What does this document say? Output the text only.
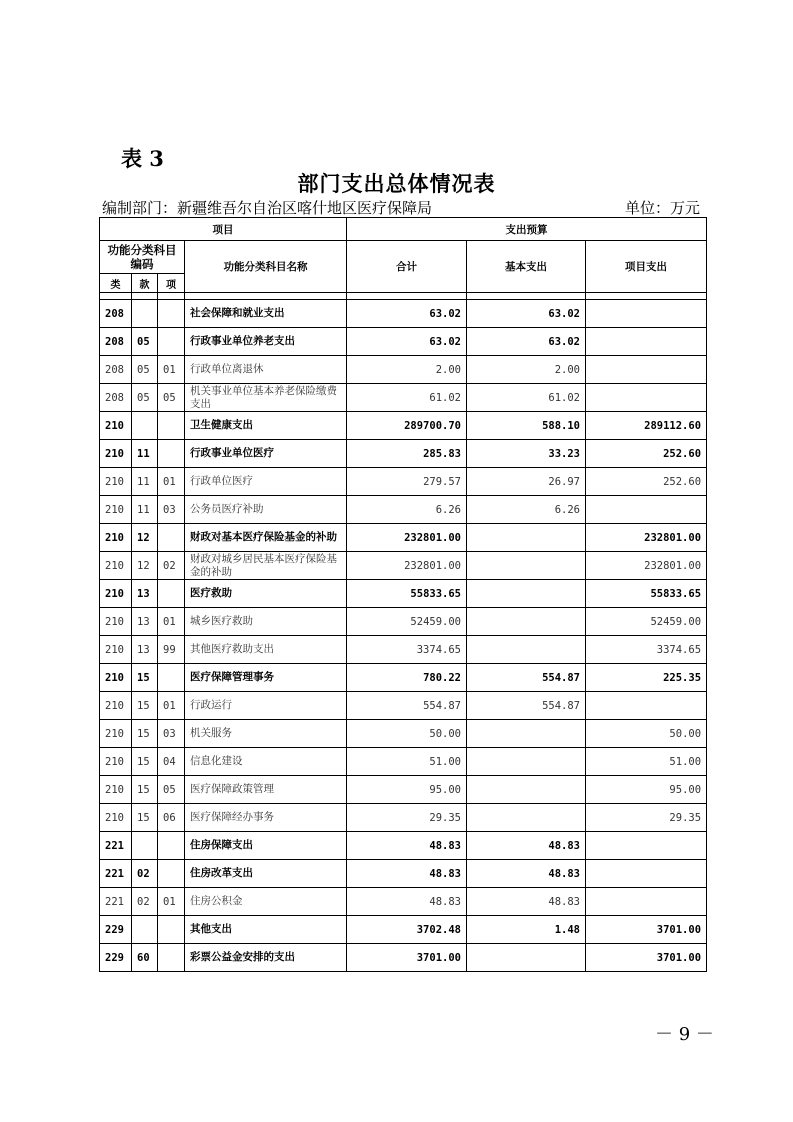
表 3
部门支出总体情况表
编制部门：新疆维吾尔自治区喀什地区医疗保障局	单位：万元
项目				支出预算		
功能分类科目编码			功能分类科目名称	合计	基本支出	项目支出
类	款	项				

208			社会保障和就业支出	63.02	63.02	
208	05		行政事业单位养老支出	63.02	63.02	
208	05	01	行政单位离退休	2.00	2.00	
208	05	05	机关事业单位基本养老保险缴费支出	61.02	61.02	
210			卫生健康支出	289700.70	588.10	289112.60
210	11		行政事业单位医疗	285.83	33.23	252.60
210	11	01	行政单位医疗	279.57	26.97	252.60
210	11	03	公务员医疗补助	6.26	6.26	
210	12		财政对基本医疗保险基金的补助	232801.00		232801.00
210	12	02	财政对城乡居民基本医疗保险基金的补助	232801.00		232801.00
210	13		医疗救助	55833.65		55833.65
210	13	01	城乡医疗救助	52459.00		52459.00
210	13	99	其他医疗救助支出	3374.65		3374.65
210	15		医疗保障管理事务	780.22	554.87	225.35
210	15	01	行政运行	554.87	554.87	
210	15	03	机关服务	50.00		50.00
210	15	04	信息化建设	51.00		51.00
210	15	05	医疗保障政策管理	95.00		95.00
210	15	06	医疗保障经办事务	29.35		29.35
221			住房保障支出	48.83	48.83	
221	02		住房改革支出	48.83	48.83	
221	02	01	住房公积金	48.83	48.83	
229			其他支出	3702.48	1.48	3701.00
229	60		彩票公益金安排的支出	3701.00		3701.00
－ 9 －
